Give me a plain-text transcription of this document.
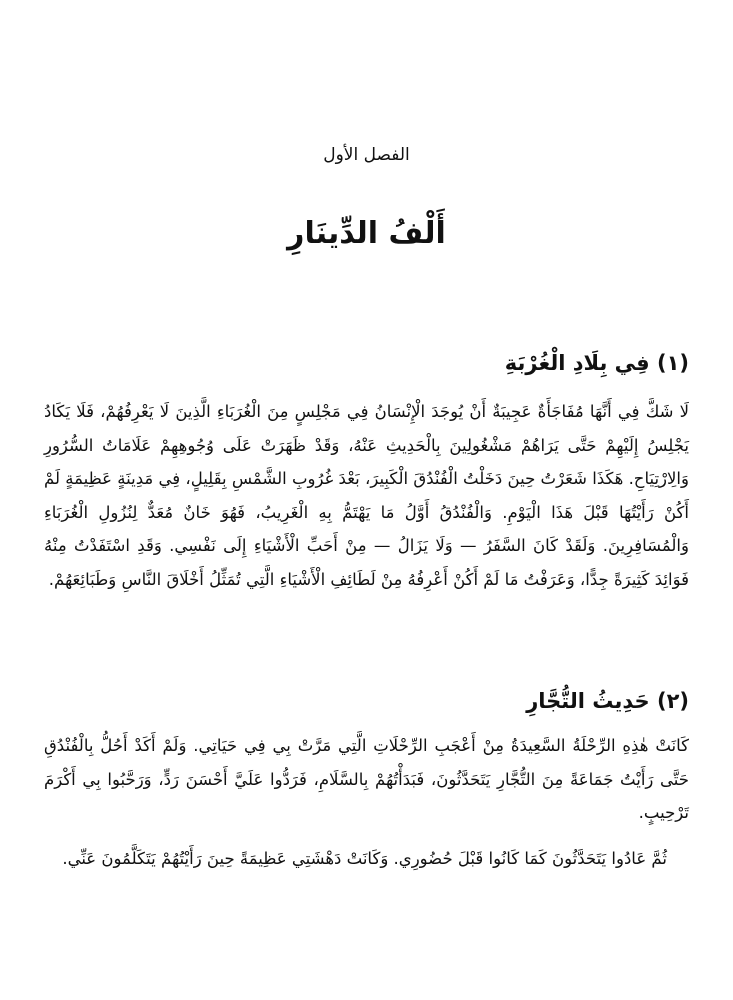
الفصل الأول
أَلْفُ الدِّينَارِ
(١) فِي بِلَادِ الْغُرْبَةِ

لَا شَكَّ فِي أَنَّهَا مُفَاجَأَةٌ عَجِيبَةٌ أَنْ يُوجَدَ الْإِنْسَانُ فِي مَجْلِسٍ مِنَ الْغُرَبَاءِ الَّذِينَ لَا يَعْرِفُهُمْ، فَلَا يَكَادُ يَجْلِسُ إِلَيْهِمْ حَتَّى يَرَاهُمْ مَشْغُولِينَ بِالْحَدِيثِ عَنْهُ، وَقَدْ ظَهَرَتْ عَلَى وُجُوهِهِمْ عَلَامَاتُ السُّرُورِ وَالِارْتِيَاحِ. هَكَذَا شَعَرْتُ حِينَ دَخَلْتُ الْفُنْدُقَ الْكَبِيرَ، بَعْدَ غُرُوبِ الشَّمْسِ بِقَلِيلٍ، فِي مَدِينَةٍ عَظِيمَةٍ لَمْ أَكُنْ رَأَيْتُهَا قَبْلَ هَذَا الْيَوْمِ. وَالْفُنْدُقُ أَوَّلُ مَا يَهْتَمُّ بِهِ الْغَرِيبُ، فَهُوَ خَانٌ مُعَدٌّ لِنُزُولِ الْغُرَبَاءِ وَالْمُسَافِرِينَ. وَلَقَدْ كَانَ السَّفَرُ — وَلَا يَزَالُ — مِنْ أَحَبِّ الْأَشْيَاءِ إِلَى نَفْسِي. وَقَدِ اسْتَفَدْتُ مِنْهُ فَوَائِدَ كَثِيرَةً جِدًّا، وَعَرَفْتُ مَا لَمْ أَكُنْ أَعْرِفُهُ مِنْ لَطَائِفِ الْأَشْيَاءِ الَّتِي تُمَثِّلُ أَخْلَاقَ النَّاسِ وَطَبَائِعَهُمْ.

(٢) حَدِيثُ التُّجَّارِ

كَانَتْ هٰذِهِ الرِّحْلَةُ السَّعِيدَةُ مِنْ أَعْجَبِ الرِّحْلَاتِ الَّتِي مَرَّتْ بِي فِي حَيَاتِي. وَلَمْ أَكَدْ أَحُلُّ بِالْفُنْدُقِ حَتَّى رَأَيْتُ جَمَاعَةً مِنَ التُّجَّارِ يَتَحَدَّثُونَ، فَبَدَأْتُهُمْ بِالسَّلَامِ، فَرَدُّوا عَلَيَّ أَحْسَنَ رَدٍّ، وَرَحَّبُوا بِي أَكْرَمَ تَرْحِيبٍ.

ثُمَّ عَادُوا يَتَحَدَّثُونَ كَمَا كَانُوا قَبْلَ حُضُورِي. وَكَانَتْ دَهْشَتِي عَظِيمَةً حِينَ رَأَيْتُهُمْ يَتَكَلَّمُونَ عَنِّي.
